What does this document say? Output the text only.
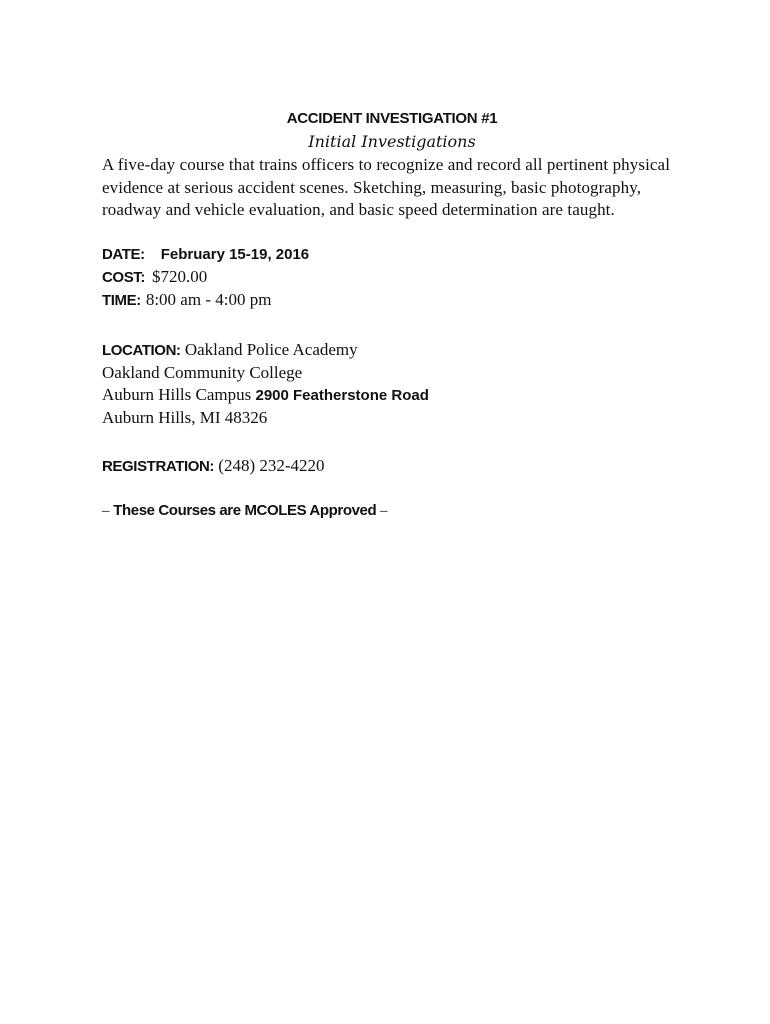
ACCIDENT INVESTIGATION #1

Initial Investigations

A five-day course that trains officers to recognize and record all pertinent physical evidence at serious accident scenes. Sketching, measuring, basic photography, roadway and vehicle evaluation, and basic speed determination are taught.

DATE: February 15-19, 2016

COST: $720.00

TIME: 8:00 am - 4:00 pm

LOCATION: Oakland Police Academy

Oakland Community College

Auburn Hills Campus 2900 Featherstone Road

Auburn Hills, MI 48326

REGISTRATION: (248) 232-4220

– These Courses are MCOLES Approved –
